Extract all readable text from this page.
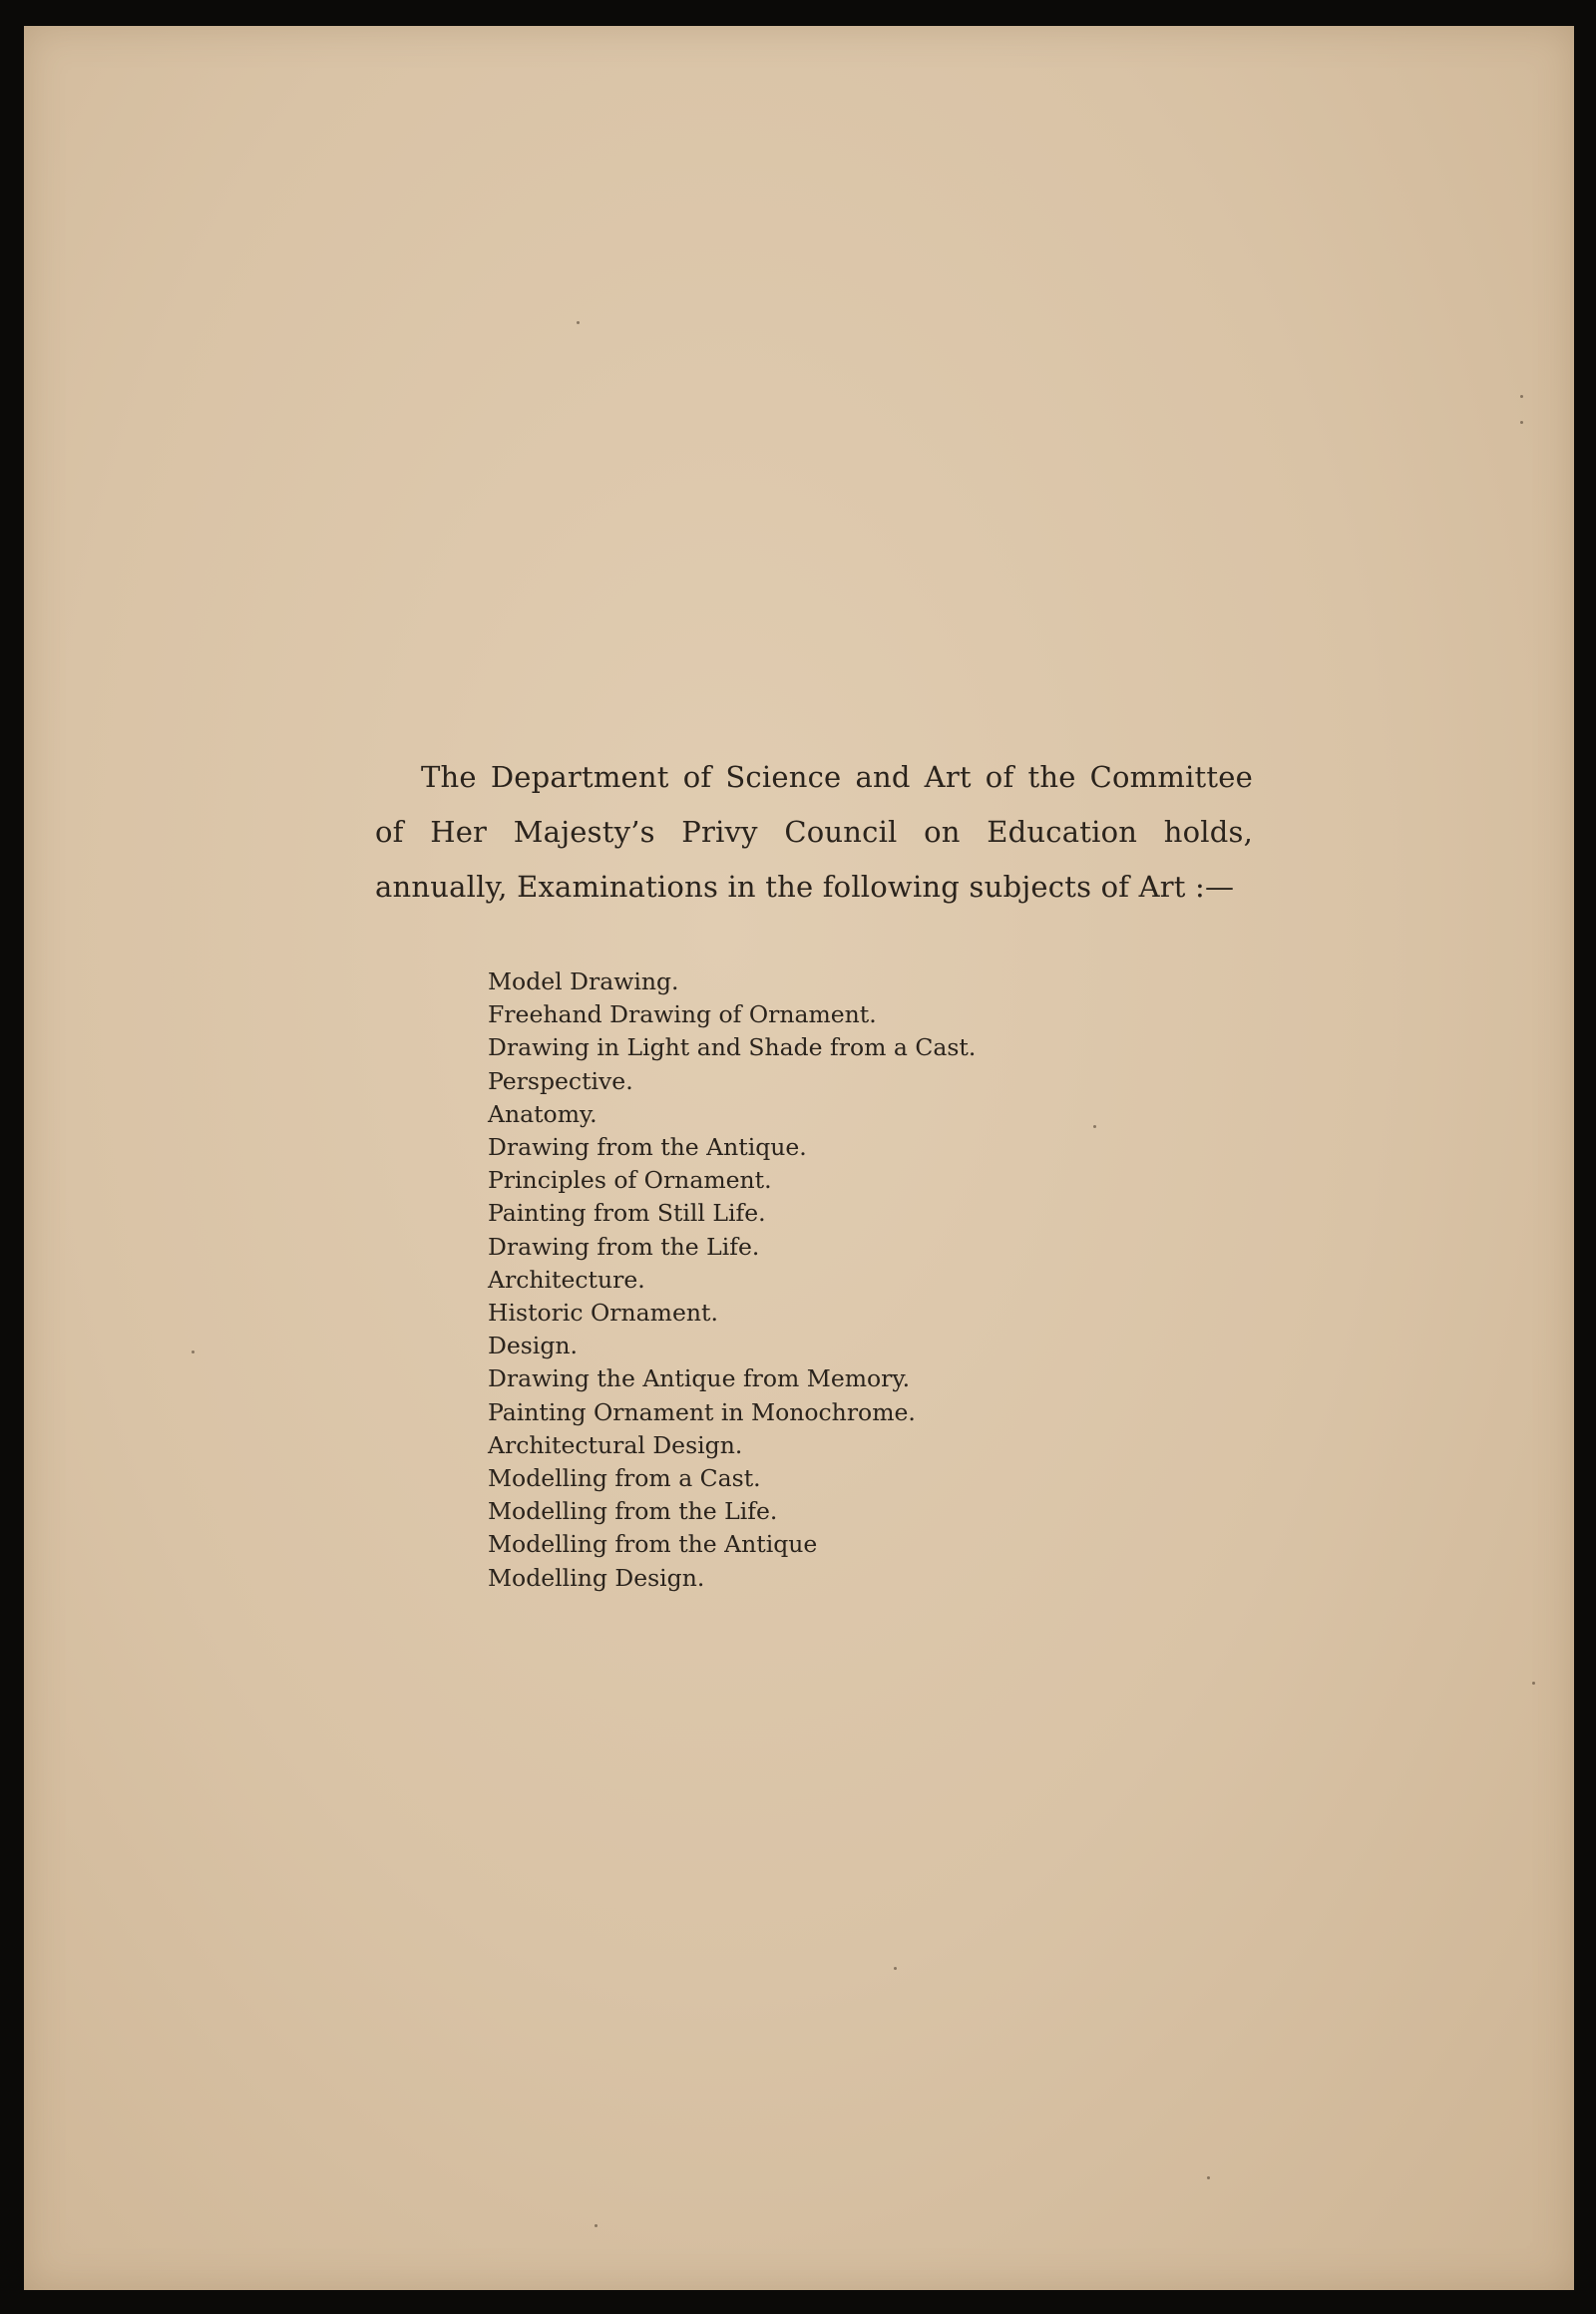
The Department of Science and Art of the Committee of Her Majesty’s Privy Council on Education holds, annually, Examinations in the following subjects of Art :—

Model Drawing.
Freehand Drawing of Ornament.
Drawing in Light and Shade from a Cast.
Perspective.
Anatomy.
Drawing from the Antique.
Principles of Ornament.
Painting from Still Life.
Drawing from the Life.
Architecture.
Historic Ornament.
Design.
Drawing the Antique from Memory.
Painting Ornament in Monochrome.
Architectural Design.
Modelling from a Cast.
Modelling from the Life.
Modelling from the Antique
Modelling Design.
